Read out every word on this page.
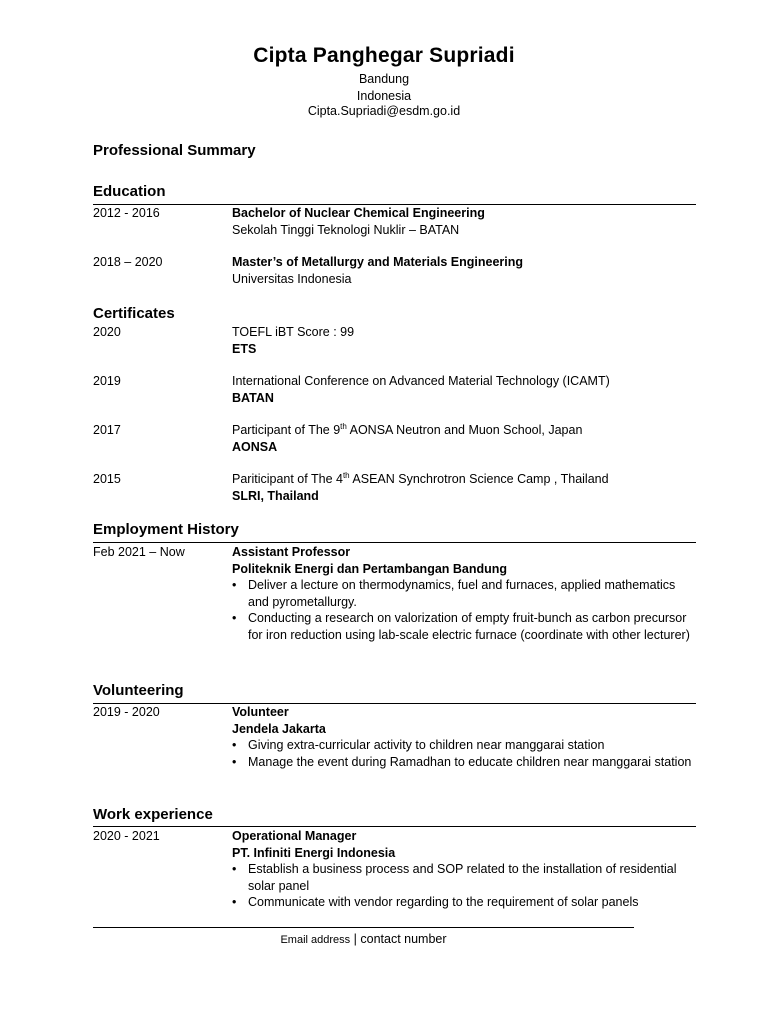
Cipta Panghegar Supriadi
Bandung
Indonesia
Cipta.Supriadi@esdm.go.id
Professional Summary
Education
2012 - 2016	Bachelor of Nuclear Chemical Engineering
Sekolah Tinggi Teknologi Nuklir – BATAN
2018 – 2020	Master’s of Metallurgy and Materials Engineering
Universitas Indonesia
Certificates
2020	TOEFL iBT Score : 99
ETS
2019	International Conference on Advanced Material Technology (ICAMT)
BATAN
2017	Participant of The 9th AONSA Neutron and Muon School, Japan
AONSA
2015	Pariticipant of The 4th ASEAN Synchrotron Science Camp , Thailand
SLRI, Thailand
Employment History
Feb 2021 – Now	Assistant Professor
Politeknik Energi dan Pertambangan Bandung
• Deliver a lecture on thermodynamics, fuel and furnaces, applied mathematics and pyrometallurgy.
• Conducting a research on valorization of empty fruit-bunch as carbon precursor for iron reduction using lab-scale electric furnace (coordinate with other lecturer)
Volunteering
2019 - 2020	Volunteer
Jendela Jakarta
• Giving extra-curricular activity to children near manggarai station
• Manage the event during Ramadhan to educate children near manggarai station
Work experience
2020 - 2021	Operational Manager
PT. Infiniti Energi Indonesia
• Establish a business process and SOP related to the installation of residential solar panel
• Communicate with vendor regarding to the requirement of solar panels
Email address | contact number
